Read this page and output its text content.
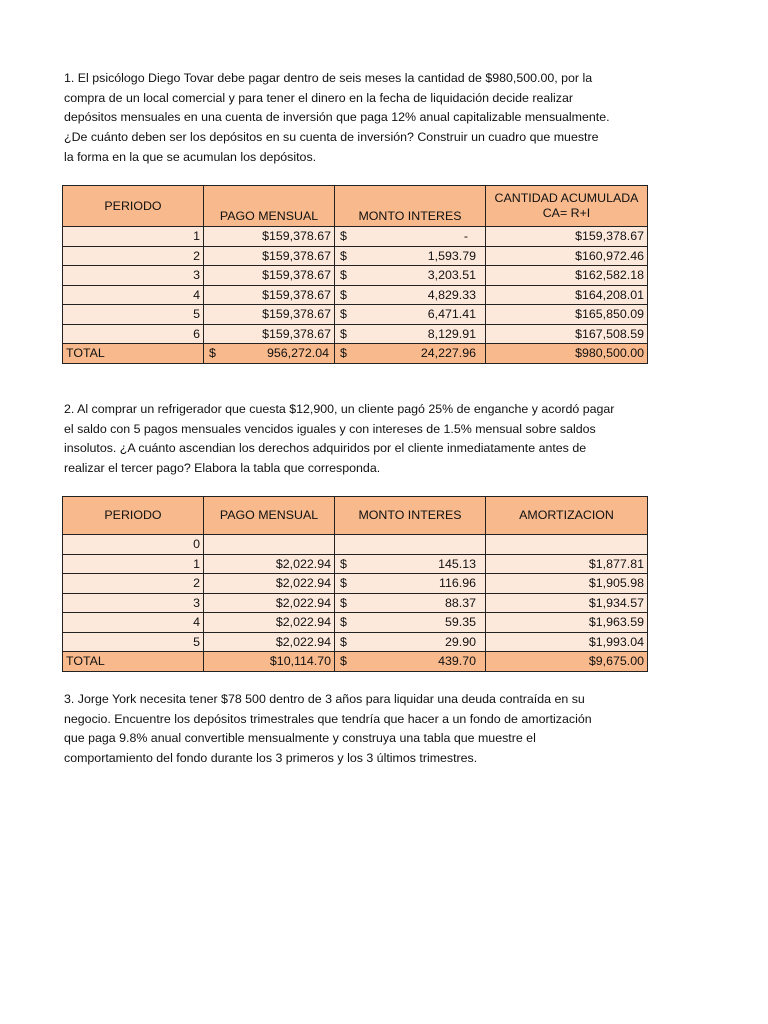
1. El psicólogo Diego Tovar debe pagar dentro de seis meses la cantidad de $980,500.00, por la
compra de un local comercial y para tener el dinero en la fecha de liquidación decide realizar
depósitos mensuales en una cuenta de inversión que paga 12% anual capitalizable mensualmente.
¿De cuánto deben ser los depósitos en su cuenta de inversión? Construir un cuadro que muestre
la forma en la que se acumulan los depósitos.
PERIODO	PAGO MENSUAL	MONTO INTERES	CANTIDAD ACUMULADA
CA= R+I

1	$159,378.67	$ -	$159,378.67
2	$159,378.67	$ 1,593.79	$160,972.46
3	$159,378.67	$ 3,203.51	$162,582.18
4	$159,378.67	$ 4,829.33	$164,208.01
5	$159,378.67	$ 6,471.41	$165,850.09
6	$159,378.67	$ 8,129.91	$167,508.59
TOTAL	$ 956,272.04	$ 24,227.96	$980,500.00
2. Al comprar un refrigerador que cuesta $12,900, un cliente pagó 25% de enganche y acordó pagar
el saldo con 5 pagos mensuales vencidos iguales y con intereses de 1.5% mensual sobre saldos
insolutos. ¿A cuánto ascendian los derechos adquiridos por el cliente inmediatamente antes de
realizar el tercer pago? Elabora la tabla que corresponda.
PERIODO	PAGO MENSUAL	MONTO INTERES	AMORTIZACION
0			
1	$2,022.94	$ 145.13	$1,877.81
2	$2,022.94	$ 116.96	$1,905.98
3	$2,022.94	$ 88.37	$1,934.57
4	$2,022.94	$ 59.35	$1,963.59
5	$2,022.94	$ 29.90	$1,993.04
TOTAL	$10,114.70	$ 439.70	$9,675.00
3. Jorge York necesita tener $78 500 dentro de 3 años para liquidar una deuda contraída en su
negocio. Encuentre los depósitos trimestrales que tendría que hacer a un fondo de amortización
que paga 9.8% anual convertible mensualmente y construya una tabla que muestre el
comportamiento del fondo durante los 3 primeros y los 3 últimos trimestres.
